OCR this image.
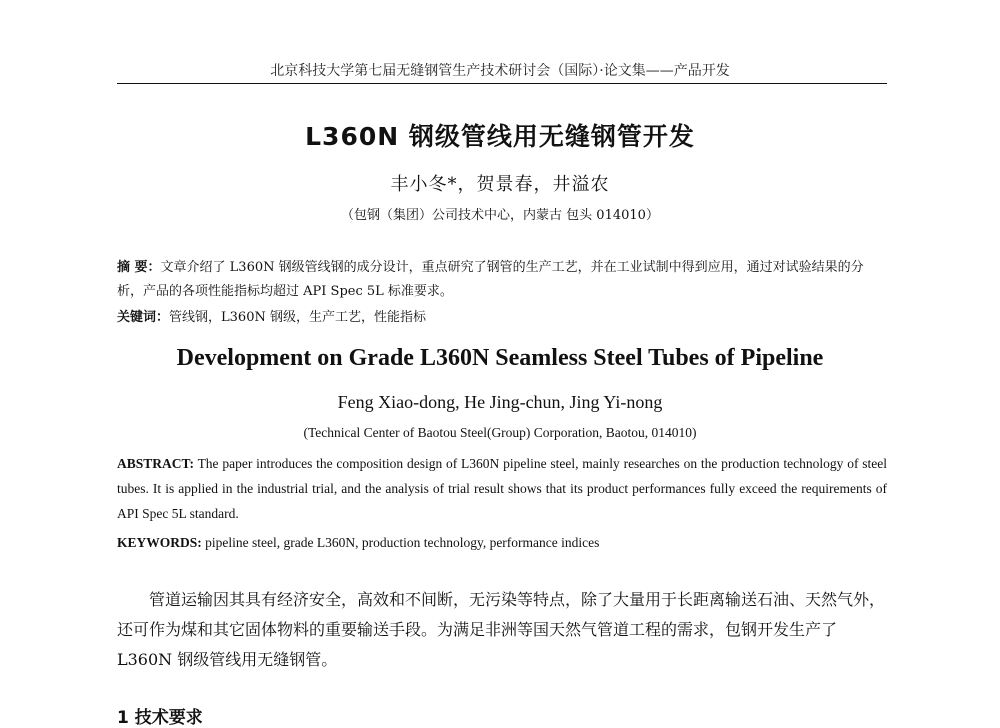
北京科技大学第七届无缝钢管生产技术研讨会（国际）·论文集——产品开发
L360N 钢级管线用无缝钢管开发
丰小冬*，贺景春，井溢农
（包钢（集团）公司技术中心，内蒙古 包头 014010）
摘 要：文章介绍了 L360N 钢级管线钢的成分设计，重点研究了钢管的生产工艺，并在工业试制中得到应用，通过对试验结果的分析，产品的各项性能指标均超过 API Spec 5L 标准要求。
关键词：管线钢，L360N 钢级，生产工艺，性能指标
Development on Grade L360N Seamless Steel Tubes of Pipeline
Feng Xiao-dong, He Jing-chun, Jing Yi-nong
(Technical Center of Baotou Steel(Group) Corporation, Baotou, 014010)
ABSTRACT: The paper introduces the composition design of L360N pipeline steel, mainly researches on the production technology of steel tubes. It is applied in the industrial trial, and the analysis of trial result shows that its product performances fully exceed the requirements of API Spec 5L standard.
KEYWORDS: pipeline steel, grade L360N, production technology, performance indices
管道运输因其具有经济安全，高效和不间断，无污染等特点，除了大量用于长距离输送石油、天然气外，还可作为煤和其它固体物料的重要输送手段。为满足非洲等国天然气管道工程的需求，包钢开发生产了 L360N 钢级管线用无缝钢管。
1 技术要求
